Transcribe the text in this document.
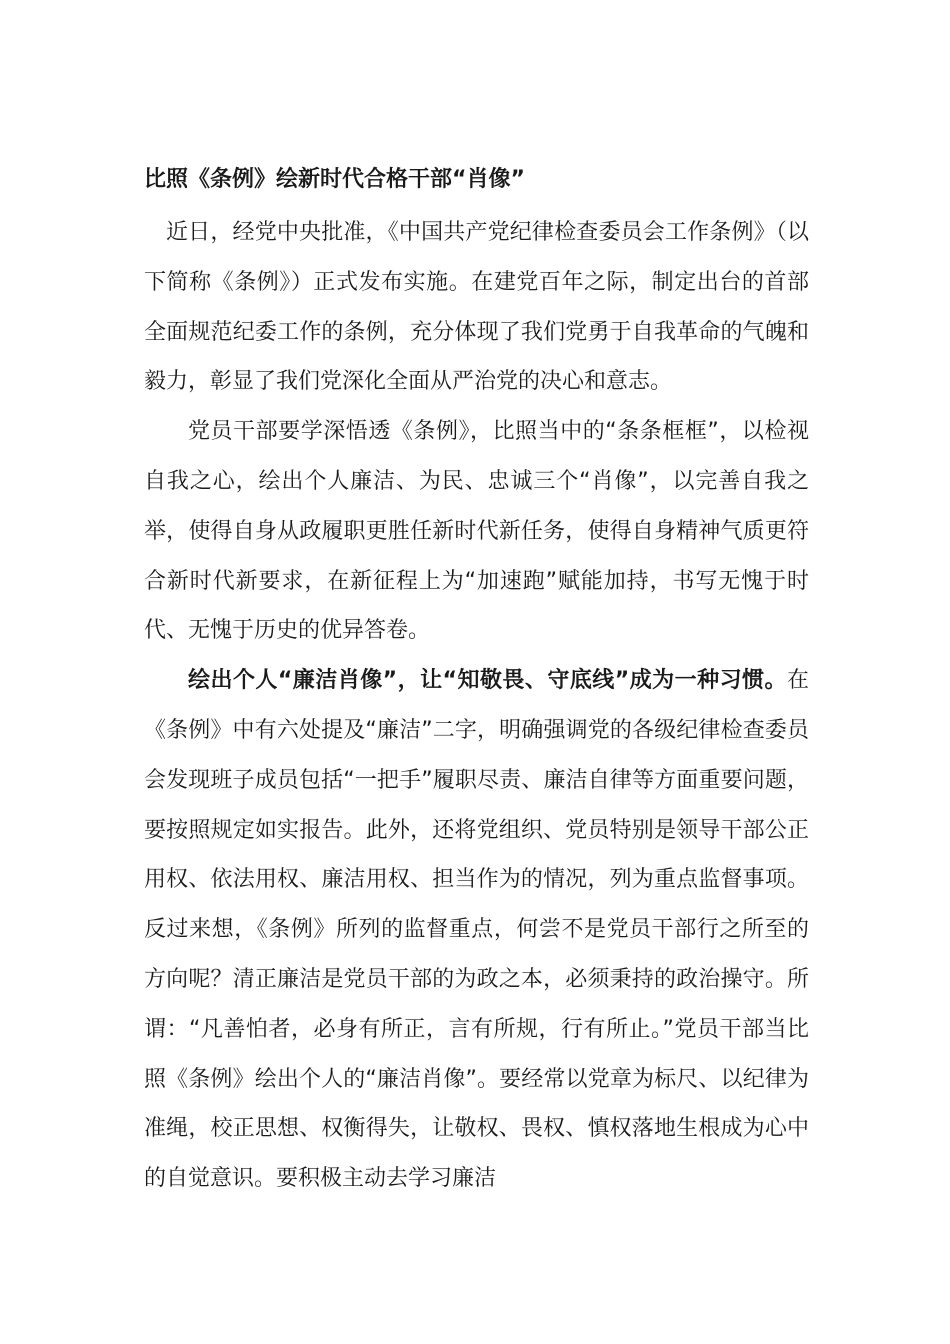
比照《条例》绘新时代合格干部“肖像”

近日，经党中央批准，《中国共产党纪律检查委员会工作条例》（以下简称《条例》）正式发布实施。在建党百年之际，制定出台的首部全面规范纪委工作的条例，充分体现了我们党勇于自我革命的气魄和毅力，彰显了我们党深化全面从严治党的决心和意志。

党员干部要学深悟透《条例》，比照当中的“条条框框”，以检视自我之心，绘出个人廉洁、为民、忠诚三个“肖像”，以完善自我之举，使得自身从政履职更胜任新时代新任务，使得自身精神气质更符合新时代新要求，在新征程上为“加速跑”赋能加持，书写无愧于时代、无愧于历史的优异答卷。

绘出个人“廉洁肖像”，让“知敬畏、守底线”成为一种习惯。在《条例》中有六处提及“廉洁”二字，明确强调党的各级纪律检查委员会发现班子成员包括“一把手”履职尽责、廉洁自律等方面重要问题，要按照规定如实报告。此外，还将党组织、党员特别是领导干部公正用权、依法用权、廉洁用权、担当作为的情况，列为重点监督事项。反过来想，《条例》所列的监督重点，何尝不是党员干部行之所至的方向呢？清正廉洁是党员干部的为政之本，必须秉持的政治操守。所谓：“凡善怕者，必身有所正，言有所规，行有所止。”党员干部当比照《条例》绘出个人的“廉洁肖像”。要经常以党章为标尺、以纪律为准绳，校正思想、权衡得失，让敬权、畏权、慎权落地生根成为心中的自觉意识。要积极主动去学习廉洁
